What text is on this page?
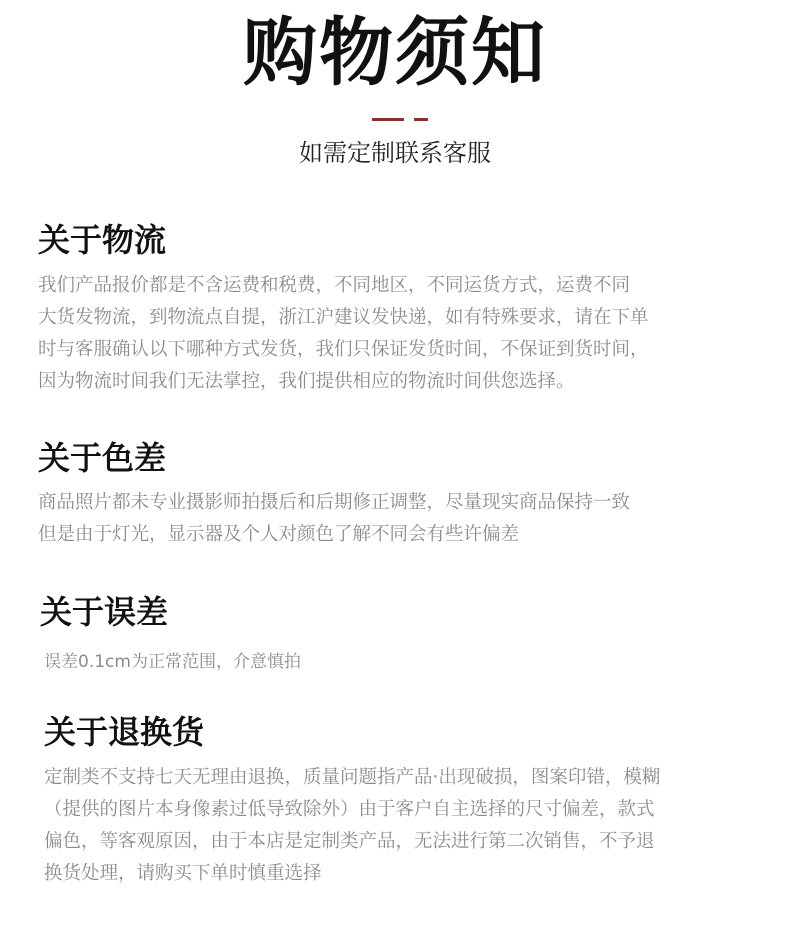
购物须知
如需定制联系客服
关于物流
我们产品报价都是不含运费和税费，不同地区，不同运货方式，运费不同
大货发物流，到物流点自提，浙江沪建议发快递，如有特殊要求，请在下单
时与客服确认以下哪种方式发货，我们只保证发货时间，不保证到货时间，
因为物流时间我们无法掌控，我们提供相应的物流时间供您选择。
关于色差
商品照片都未专业摄影师拍摄后和后期修正调整，尽量现实商品保持一致
但是由于灯光，显示器及个人对颜色了解不同会有些许偏差
关于误差
误差0.1cm为正常范围，介意慎拍
关于退换货
定制类不支持七天无理由退换，质量问题指产品·出现破损，图案印错，模糊
（提供的图片本身像素过低导致除外）由于客户自主选择的尺寸偏差，款式
偏色，等客观原因，由于本店是定制类产品，无法进行第二次销售，不予退
换货处理，请购买下单时慎重选择
